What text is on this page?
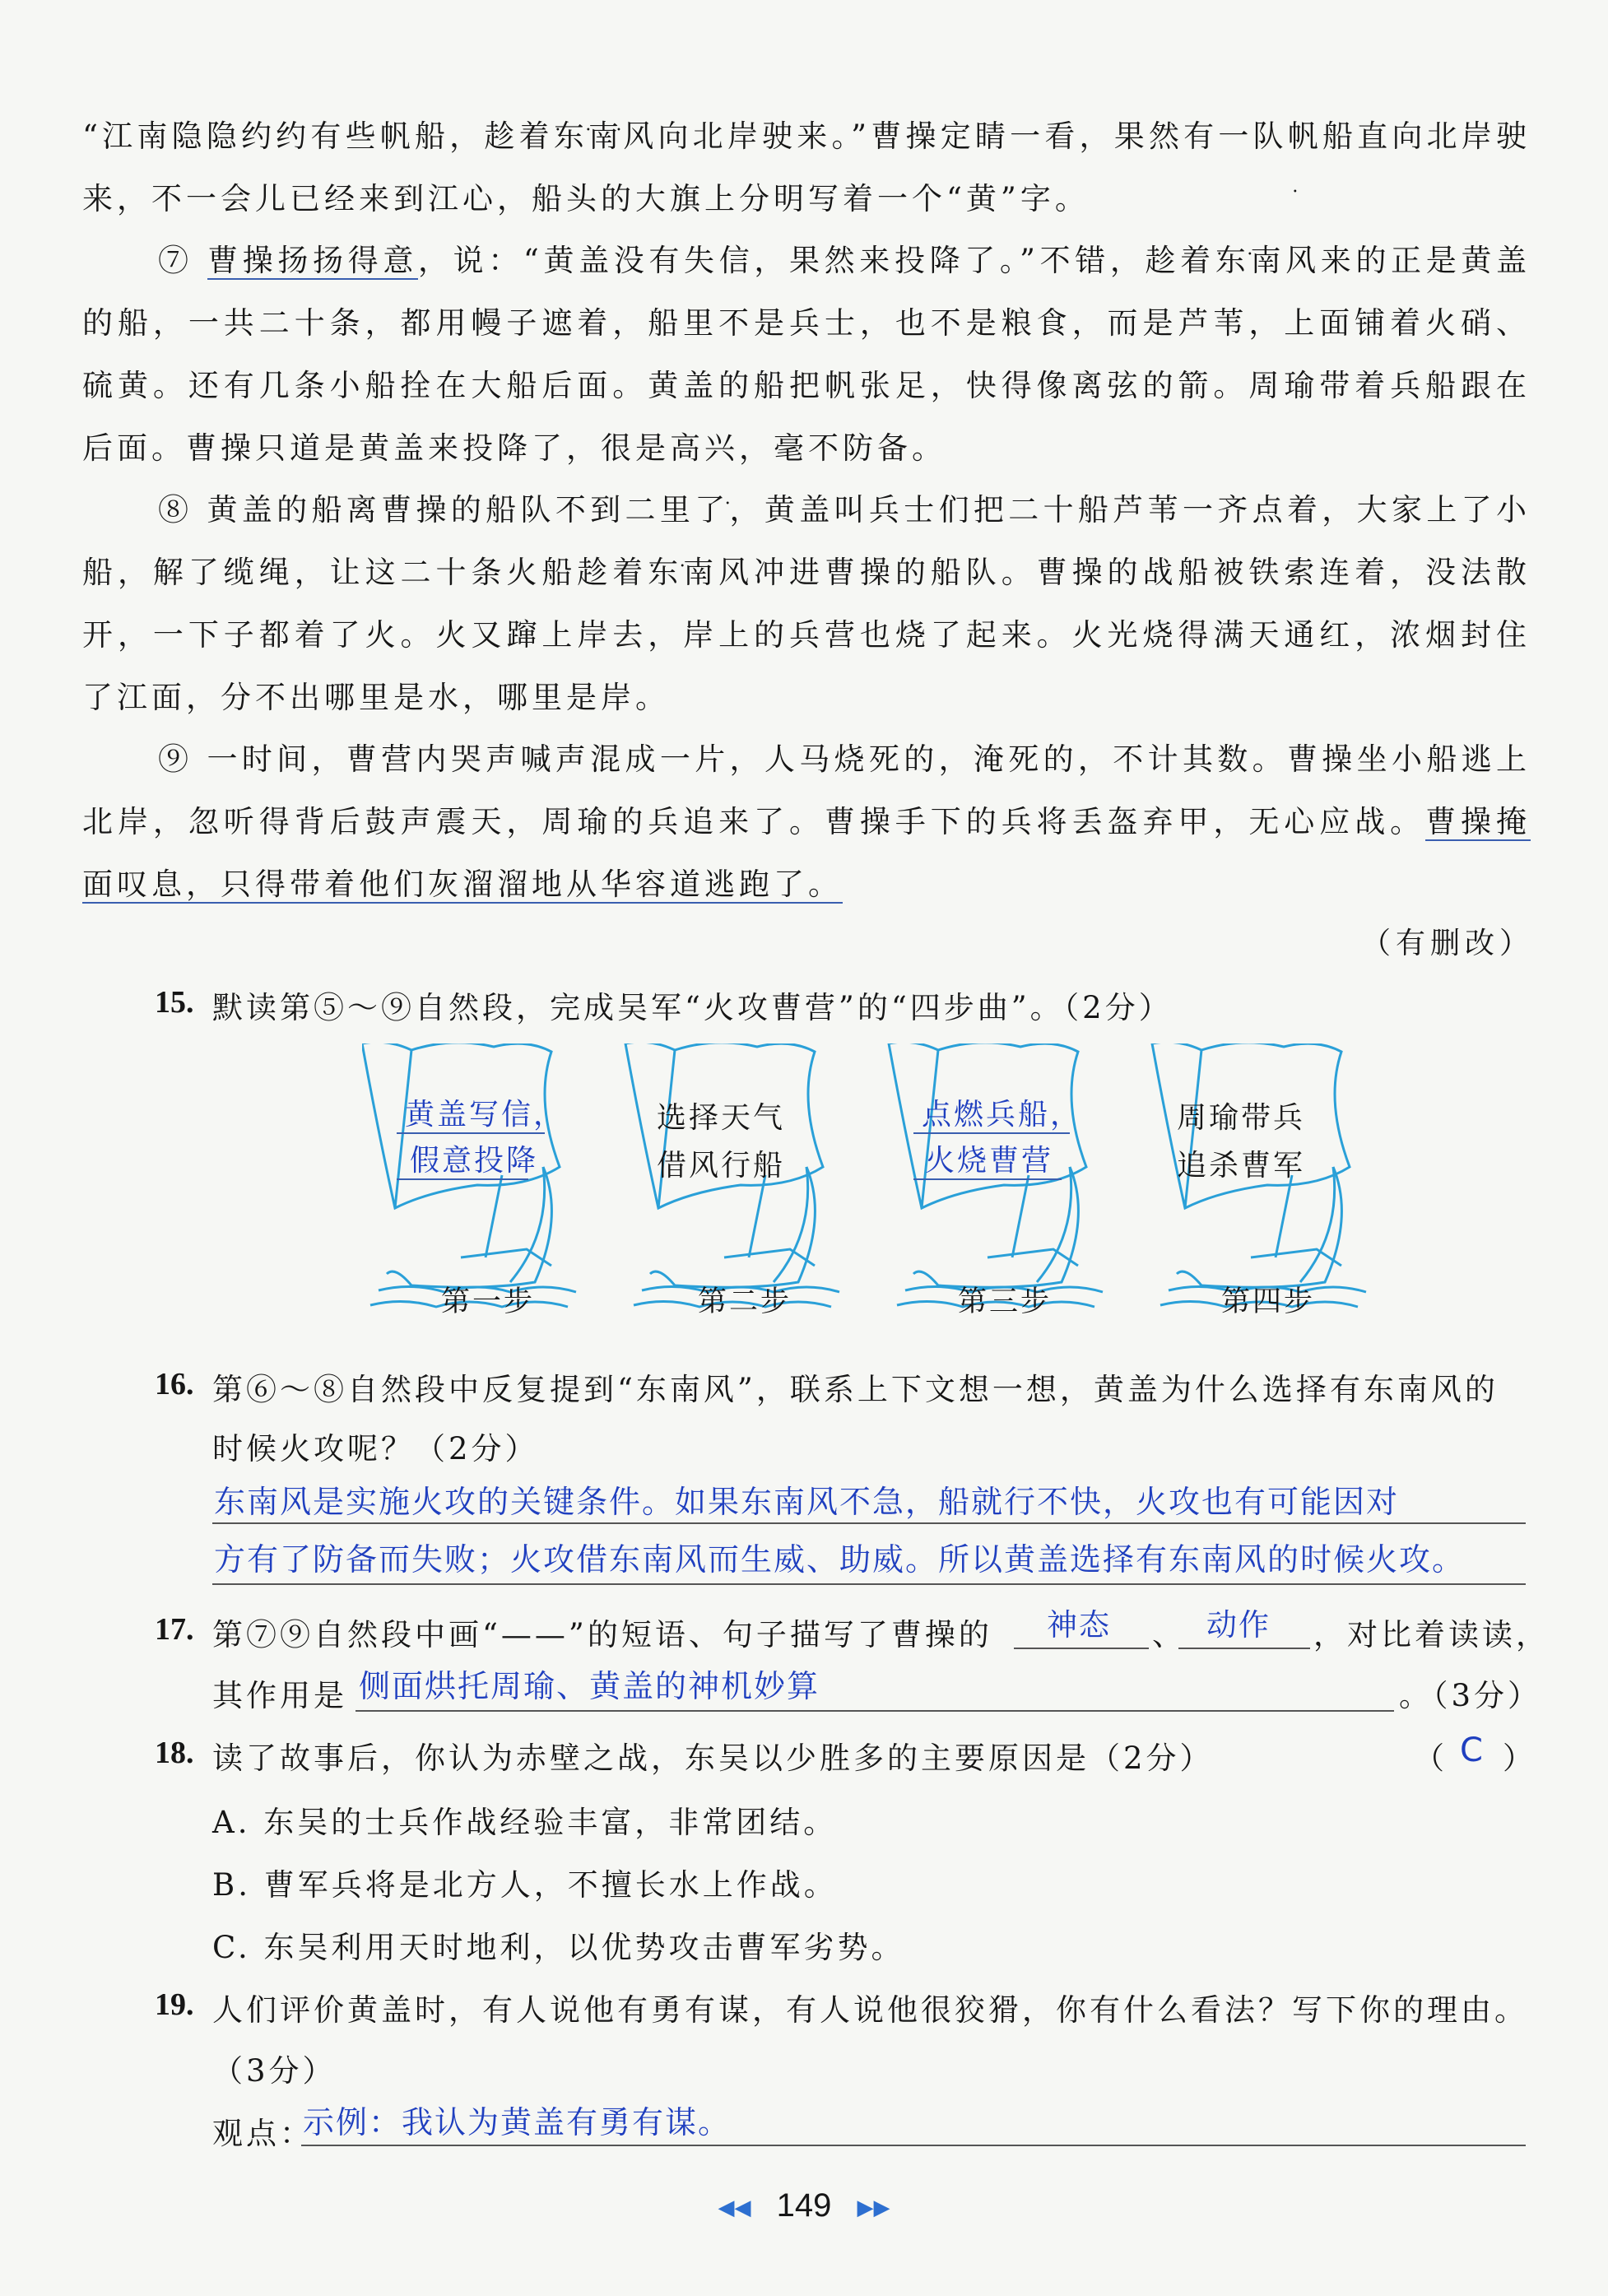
“江南隐隐约约有些帆船，趁着东南风 • • •向北岸驶来。”曹操定睛一看，果然有一队帆船直向北岸驶来，不一会儿已经来到江心，船头的大旗上分明写着一个“黄”字。

⑦ 曹操扬扬得意，说：“黄盖没有失信，果然来投降了。”不错，趁着东南风 • • •来的正是黄盖的船，一共二十条，都用幔子遮着，船里不是兵士，也不是粮食，而是芦苇，上面铺着火硝、硫黄。还有几条小船拴在大船后面。黄盖的船把帆张足，快得像离弦的箭。周瑜带着兵船跟在后面。曹操只道是黄盖来投降了，很是高兴，毫不防备。

⑧ 黄盖的船离曹操的船队不到二里了，黄盖叫兵士们把二十船芦苇一齐点着，大家上了小船，解了缆绳，让这二十条火船趁着东南风 • • •冲进曹操的船队。曹操的战船被铁索连着，没法散开，一下子都着了火。火又蹿上岸去，岸上的兵营也烧了起来。火光烧得满天通红，浓烟封住了江面，分不出哪里是水，哪里是岸。

⑨ 一时间，曹营内哭声喊声混成一片，人马烧死的，淹死的，不计其数。曹操坐小船逃上北岸，忽听得背后鼓声震天，周瑜的兵追来了。曹操手下的兵将丢盔弃甲，无心应战。曹操掩面叹息，只得带着他们灰溜溜地从华容道逃跑了。

（有删改）
15. 默读第⑤～⑨自然段，完成吴军“火攻曹营”的“四步曲”。（2分）
黄盖写信，
假意投降
第一步
选择天气
借风行船
第二步
点燃兵船，
火烧曹营
第三步
周瑜带兵
追杀曹军
第四步
16. 第⑥～⑧自然段中反复提到“东南风”，联系上下文想一想，黄盖为什么选择有东南风的
时候火攻呢？（2分）
东南风是实施火攻的关键条件。如果东南风不急，船就行不快，火攻也有可能因对
方有了防备而失败；火攻借东南风而生威、助威。所以黄盖选择有东南风的时候火攻。
17. 第⑦⑨自然段中画“——”的短语、句子描写了曹操的 神态 、 动作 ，对比着读读，
其作用是 侧面烘托周瑜、黄盖的神机妙算	。（3分）
18. 读了故事后，你认为赤壁之战，东吴以少胜多的主要原因是（2分）	（ C ）
A. 东吴的士兵作战经验丰富，非常团结。
B. 曹军兵将是北方人，不擅长水上作战。
C. 东吴利用天时地利，以优势攻击曹军劣势。
19. 人们评价黄盖时，有人说他有勇有谋，有人说他很狡猾，你有什么看法？写下你的理由。
（3分）
观点：
示例：我认为黄盖有勇有谋。
◀◀ 149 ▶▶
